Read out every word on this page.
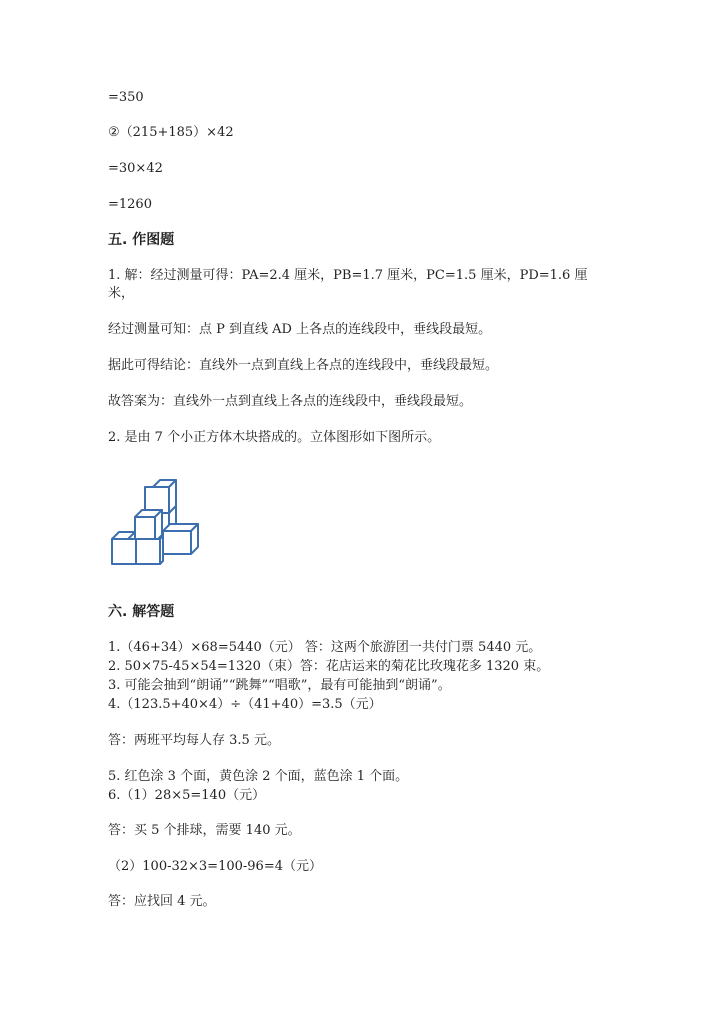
=350
②（215+185）×42
=30×42
=1260
五. 作图题
1. 解：经过测量可得：PA=2.4 厘米，PB=1.7 厘米，PC=1.5 厘米，PD=1.6 厘米，
经过测量可知：点 P 到直线 AD 上各点的连线段中，垂线段最短。
据此可得结论：直线外一点到直线上各点的连线段中，垂线段最短。
故答案为：直线外一点到直线上各点的连线段中，垂线段最短。
2. 是由 7 个小正方体木块搭成的。立体图形如下图所示。
六. 解答题
1.（46+34）×68=5440（元） 答：这两个旅游团一共付门票 5440 元。
2. 50×75-45×54=1320（束）答：花店运来的菊花比玫瑰花多 1320 束。
3. 可能会抽到“朗诵”“跳舞”“唱歌”，最有可能抽到“朗诵”。
4.（123.5+40×4）÷（41+40）=3.5（元）
答：两班平均每人存 3.5 元。
5. 红色涂 3 个面，黄色涂 2 个面，蓝色涂 1 个面。
6.（1）28×5=140（元）
答：买 5 个排球，需要 140 元。
（2）100-32×3=100-96=4（元）
答：应找回 4 元。
